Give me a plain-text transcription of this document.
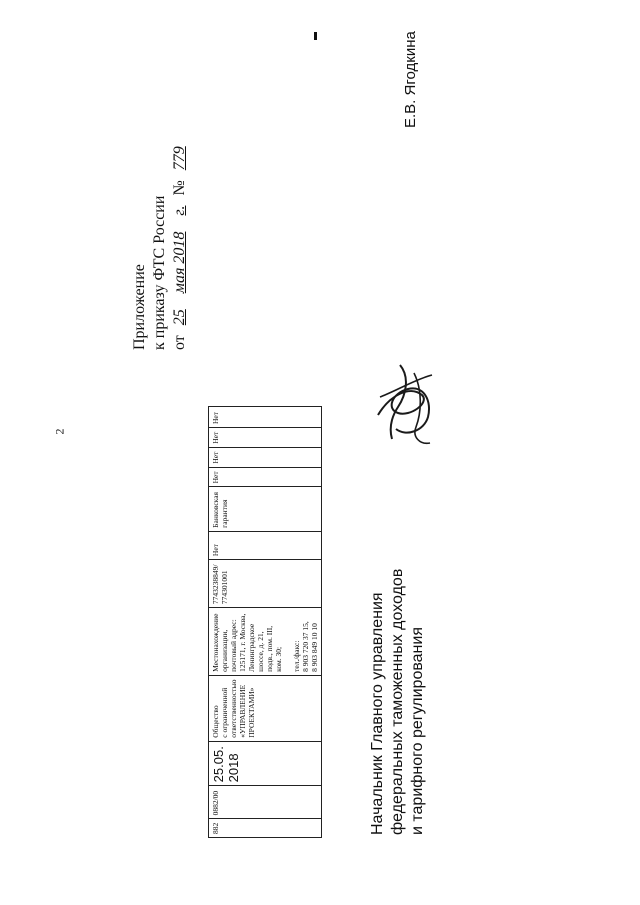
2
Приложение к приказу ФТС России от 25 мая 2018 г. № 779
882	0882/00	25.05.
2018	Общество
с ограниченной
ответственностью
«УПРАВЛЕНИЕ
ПРОЕКТАМИ»	Местонахождение организации,
почтовый адрес:
125171, г. Москва,
Ленинградское шоссе, д. 21,
подв., пом. III, ком. 30;

тел./факс:
8 903 720 37 15,
8 903 849 10 10	7743238849/
774301001	Нет	Банковская
гарантия	Нет	Нет	Нет	Нет
Начальник Главного управления федеральных таможенных доходов и тарифного регулирования
Е.В. Ягодкина
